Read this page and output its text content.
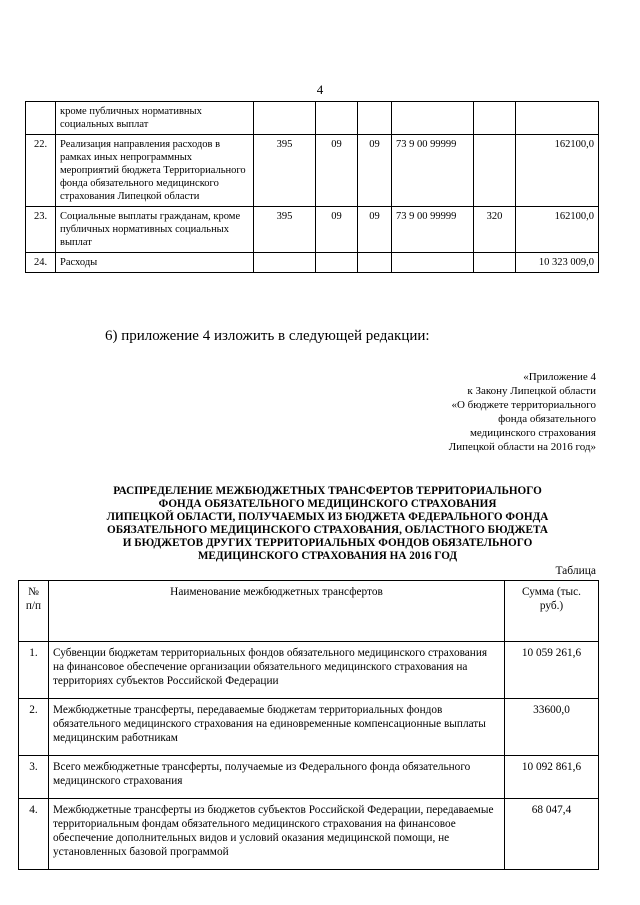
4
	кроме публичных нормативных социальных выплат						
22.	Реализация направления расходов в рамках иных непрограммных мероприятий бюджета Территориального фонда обязательного медицинского страхования Липецкой области	395	09	09	73 9 00 99999		162100,0
23.	Социальные выплаты гражданам, кроме публичных нормативных социальных выплат	395	09	09	73 9 00 99999	320	162100,0
24.	Расходы						10 323 009,0
6) приложение 4 изложить в следующей редакции:
«Приложение 4
к Закону Липецкой области
«О бюджете территориального
фонда обязательного
медицинского страхования
Липецкой области на 2016 год»
РАСПРЕДЕЛЕНИЕ МЕЖБЮДЖЕТНЫХ ТРАНСФЕРТОВ ТЕРРИТОРИАЛЬНОГО
ФОНДА ОБЯЗАТЕЛЬНОГО МЕДИЦИНСКОГО СТРАХОВАНИЯ
ЛИПЕЦКОЙ ОБЛАСТИ, ПОЛУЧАЕМЫХ ИЗ БЮДЖЕТА ФЕДЕРАЛЬНОГО ФОНДА
ОБЯЗАТЕЛЬНОГО МЕДИЦИНСКОГО СТРАХОВАНИЯ, ОБЛАСТНОГО БЮДЖЕТА
И БЮДЖЕТОВ ДРУГИХ ТЕРРИТОРИАЛЬНЫХ ФОНДОВ ОБЯЗАТЕЛЬНОГО
МЕДИЦИНСКОГО СТРАХОВАНИЯ НА 2016 ГОД
Таблица
№ п/п	Наименование межбюджетных трансфертов	Сумма (тыс. руб.)
1.	Субвенции бюджетам территориальных фондов обязательного медицинского страхования на финансовое обеспечение организации обязательного медицинского страхования на территориях субъектов Российской Федерации	10 059 261,6
2.	Межбюджетные трансферты, передаваемые бюджетам территориальных фондов обязательного медицинского страхования на единовременные компенсационные выплаты медицинским работникам	33600,0
3.	Всего межбюджетные трансферты, получаемые из Федерального фонда обязательного медицинского страхования	10 092 861,6
4.	Межбюджетные трансферты из бюджетов субъектов Российской Федерации, передаваемые территориальным фондам обязательного медицинского страхования на финансовое обеспечение дополнительных видов и условий оказания медицинской помощи, не установленных базовой программой	68 047,4
